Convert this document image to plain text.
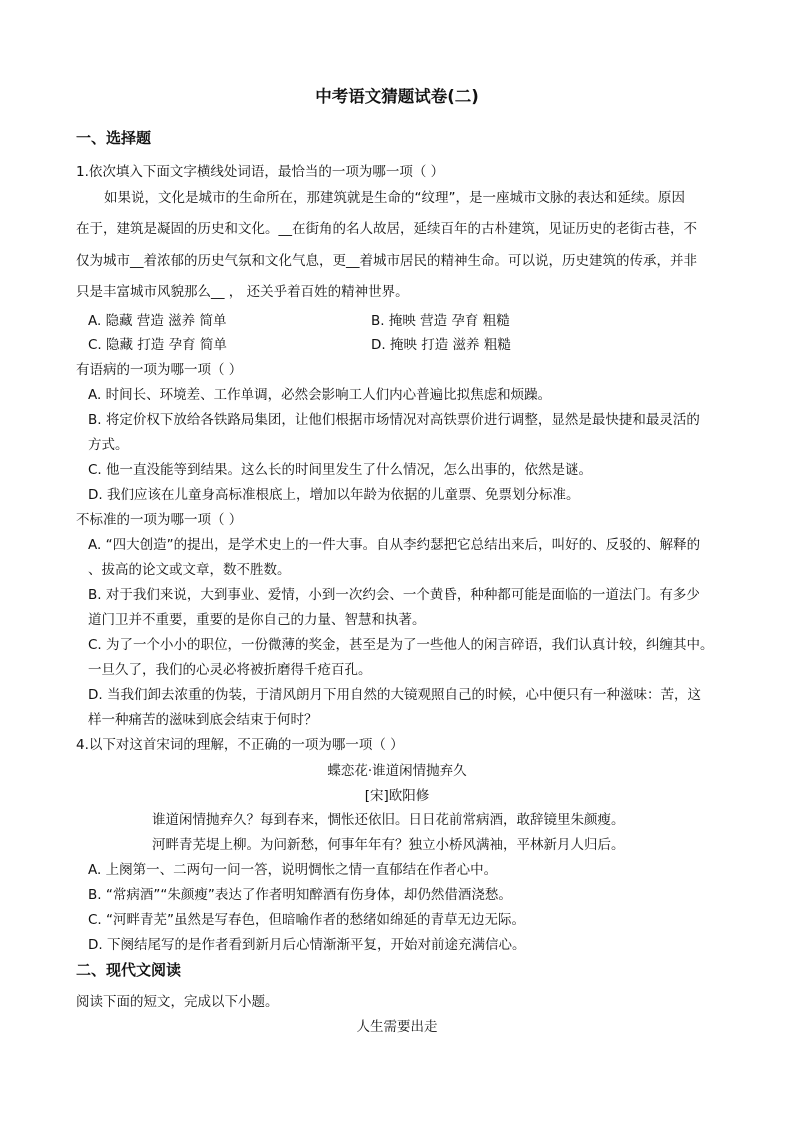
中考语文猜题试卷(二)
一、选择题
1.依次填入下面文字横线处词语，最恰当的一项为哪一项（ ）
如果说，文化是城市的生命所在，那建筑就是生命的“纹理”，是一座城市文脉的表达和延续。原因
在于，建筑是凝固的历史和文化。__在街角的名人故居，延续百年的古朴建筑，见证历史的老街古巷，不
仅为城市__着浓郁的历史气氛和文化气息，更__着城市居民的精神生命。可以说，历史建筑的传承，并非
只是丰富城市风貌那么__ ， 还关乎着百姓的精神世界。
A. 隐藏 营造 滋养 简单	B. 掩映 营造 孕育 粗糙
C. 隐藏 打造 孕育 简单	D. 掩映 打造 滋养 粗糙
有语病的一项为哪一项（ ）
A. 时间长、环境差、工作单调，必然会影响工人们内心普遍比拟焦虑和烦躁。
B. 将定价权下放给各铁路局集团，让他们根据市场情况对高铁票价进行调整，显然是最快捷和最灵活的
方式。
C. 他一直没能等到结果。这么长的时间里发生了什么情况，怎么出事的，依然是谜。
D. 我们应该在儿童身高标准根底上，增加以年龄为依据的儿童票、免票划分标准。
不标准的一项为哪一项（ ）
A. “四大创造”的提出，是学术史上的一件大事。自从李约瑟把它总结出来后，叫好的、反驳的、解释的
、拔高的论文或文章，数不胜数。
B. 对于我们来说，大到事业、爱情，小到一次约会、一个黄昏，种种都可能是面临的一道法门。有多少
道门卫并不重要，重要的是你自己的力量、智慧和执著。
C. 为了一个小小的职位，一份微薄的奖金，甚至是为了一些他人的闲言碎语，我们认真计较，纠缠其中。
一旦久了，我们的心灵必将被折磨得千疮百孔。
D. 当我们卸去浓重的伪装，于清风朗月下用自然的大镜观照自己的时候，心中便只有一种滋味：苦，这
样一种痛苦的滋味到底会结束于何时？
4.以下对这首宋词的理解，不正确的一项为哪一项（ ）
蝶恋花·谁道闲情抛弃久
[宋]欧阳修
谁道闲情抛弃久？每到春来，惆怅还依旧。日日花前常病酒，敢辞镜里朱颜瘦。
河畔青芜堤上柳。为问新愁，何事年年有？独立小桥风满袖，平林新月人归后。
A. 上阕第一、二两句一问一答，说明惆怅之情一直郁结在作者心中。
B. “常病酒”“朱颜瘦”表达了作者明知醉酒有伤身体，却仍然借酒浇愁。
C. “河畔青芜”虽然是写春色，但暗喻作者的愁绪如绵延的青草无边无际。
D. 下阕结尾写的是作者看到新月后心情渐渐平复，开始对前途充满信心。
二、现代文阅读
阅读下面的短文，完成以下小题。
人生需要出走
